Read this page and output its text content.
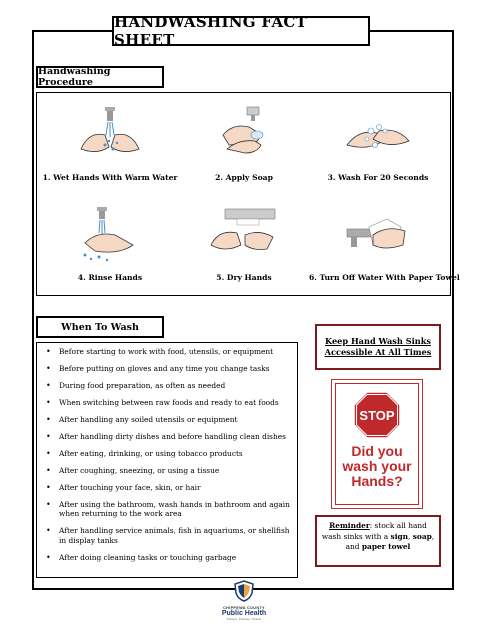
HANDWASHING FACT SHEET
Handwashing Procedure
1. Wet Hands With Warm Water	2. Apply Soap	3. Wash For 20 Seconds
4. Rinse Hands	5. Dry Hands	6. Turn Off Water With Paper Towel
When To Wash
• Before starting to work with food, utensils, or equipment
• Before putting on gloves and any time you change tasks
• During food preparation, as often as needed
• When switching between raw foods and ready to eat foods
• After handling any soiled utensils or equipment
• After handling dirty dishes and before handling clean dishes
• After eating, drinking, or using tobacco products
• After coughing, sneezing, or using a tissue
• After touching your face, skin, or hair
• After using the bathroom, wash hands in bathroom and again when returning to the work area
• After handling service animals, fish in aquariums, or shellfish in display tanks
• After doing cleaning tasks or touching garbage
Keep Hand Wash Sinks Accessible At All Times
STOP
Did you
wash your
Hands?
Reminder: stock all hand wash sinks with a sign, soap, and paper towel
CHIPPEWA COUNTY
Public Health
Prevent · Promote · Protect
